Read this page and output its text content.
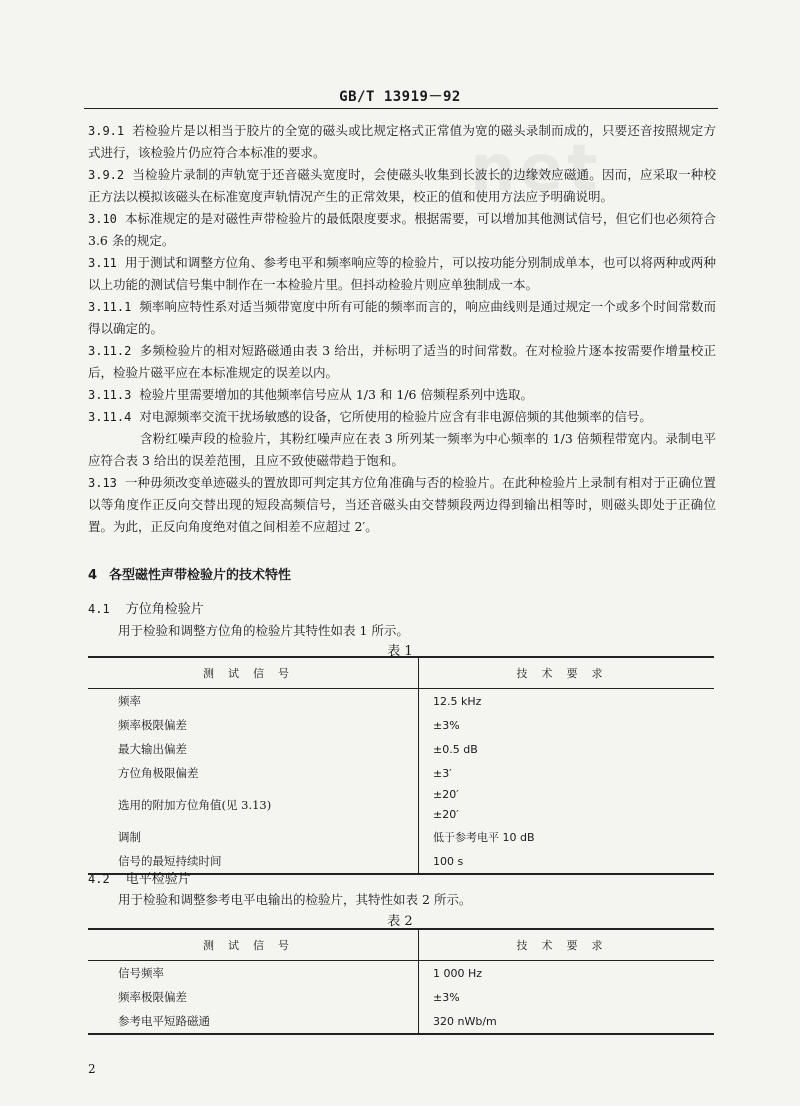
net
GB/T 13919－92

3.9.1 若检验片是以相当于胶片的全宽的磁头或比规定格式正常值为宽的磁头录制而成的，只要还音按照规定方式进行，该检验片仍应符合本标准的要求。

3.9.2 当检验片录制的声轨宽于还音磁头宽度时，会使磁头收集到长波长的边缘效应磁通。因而，应采取一种校正方法以模拟该磁头在标准宽度声轨情况产生的正常效果，校正的值和使用方法应予明确说明。

3.10 本标准规定的是对磁性声带检验片的最低限度要求。根据需要，可以增加其他测试信号，但它们也必须符合 3.6 条的规定。

3.11 用于测试和调整方位角、参考电平和频率响应等的检验片，可以按功能分别制成单本，也可以将两种或两种以上功能的测试信号集中制作在一本检验片里。但抖动检验片则应单独制成一本。

3.11.1 频率响应特性系对适当频带宽度中所有可能的频率而言的，响应曲线则是通过规定一个或多个时间常数而得以确定的。

3.11.2 多频检验片的相对短路磁通由表 3 给出，并标明了适当的时间常数。在对检验片逐本按需要作增量校正后，检验片磁平应在本标准规定的误差以内。

3.11.3 检验片里需要增加的其他频率信号应从 1/3 和 1/6 倍频程系列中选取。

3.11.4 对电源频率交流干扰场敏感的设备，它所使用的检验片应含有非电源倍频的其他频率的信号。

含粉红噪声段的检验片，其粉红噪声应在表 3 所列某一频率为中心频率的 1/3 倍频程带宽内。录制电平应符合表 3 给出的误差范围，且应不致使磁带趋于饱和。

3.13 一种毋须改变单迹磁头的置放即可判定其方位角准确与否的检验片。在此种检验片上录制有相对于正确位置以等角度作正反向交替出现的短段高频信号，当还音磁头由交替频段两边得到输出相等时，则磁头即处于正确位置。为此，正反向角度绝对值之间相差不应超过 2′。

4 各型磁性声带检验片的技术特性
4.1 方位角检验片
用于检验和调整方位角的检验片其特性如表 1 所示。
表 1
测试信号	技术要求
频率	12.5 kHz
频率极限偏差	±3%
最大输出偏差	±0.5 dB
方位角极限偏差	±3′
选用的附加方位角值(见 3.13)	±20′
±20′

调制	低于参考电平 10 dB
信号的最短持续时间	100 s
4.2 电平检验片
用于检验和调整参考电平电输出的检验片，其特性如表 2 所示。
表 2
测试信号	技术要求
信号频率	1 000 Hz
频率极限偏差	±3%
参考电平短路磁通	320 nWb/m
2
